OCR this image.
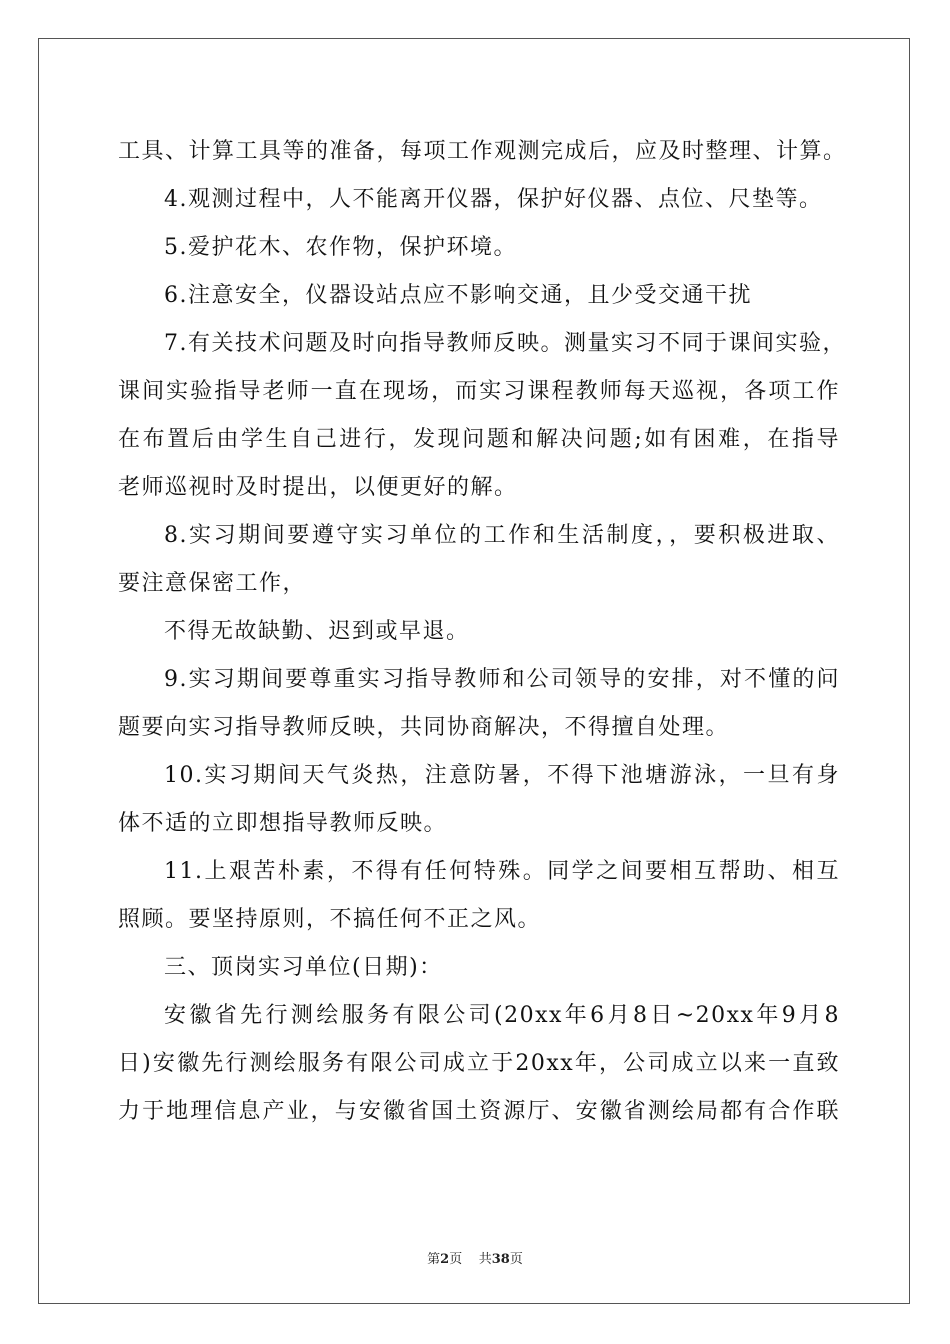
工具、计算工具等的准备，每项工作观测完成后，应及时整理、计算。
4.观测过程中，人不能离开仪器，保护好仪器、点位、尺垫等。
5.爱护花木、农作物，保护环境。
6.注意安全，仪器设站点应不影响交通，且少受交通干扰
7.有关技术问题及时向指导教师反映。测量实习不同于课间实验，
课间实验指导老师一直在现场，而实习课程教师每天巡视，各项工作
在布置后由学生自己进行，发现问题和解决问题;如有困难，在指导
老师巡视时及时提出，以便更好的解。
8.实习期间要遵守实习单位的工作和生活制度，，要积极进取、
要注意保密工作，
不得无故缺勤、迟到或早退。
9.实习期间要尊重实习指导教师和公司领导的安排，对不懂的问
题要向实习指导教师反映，共同协商解决，不得擅自处理。
10.实习期间天气炎热，注意防暑，不得下池塘游泳，一旦有身
体不适的立即想指导教师反映。
11.上艰苦朴素，不得有任何特殊。同学之间要相互帮助、相互
照顾。要坚持原则，不搞任何不正之风。
三、顶岗实习单位(日期)：
安徽省先行测绘服务有限公司(20xx年6月8日~20xx年9月8
日)安徽先行测绘服务有限公司成立于20xx年，公司成立以来一直致
力于地理信息产业，与安徽省国土资源厅、安徽省测绘局都有合作联
第2页 共38页
